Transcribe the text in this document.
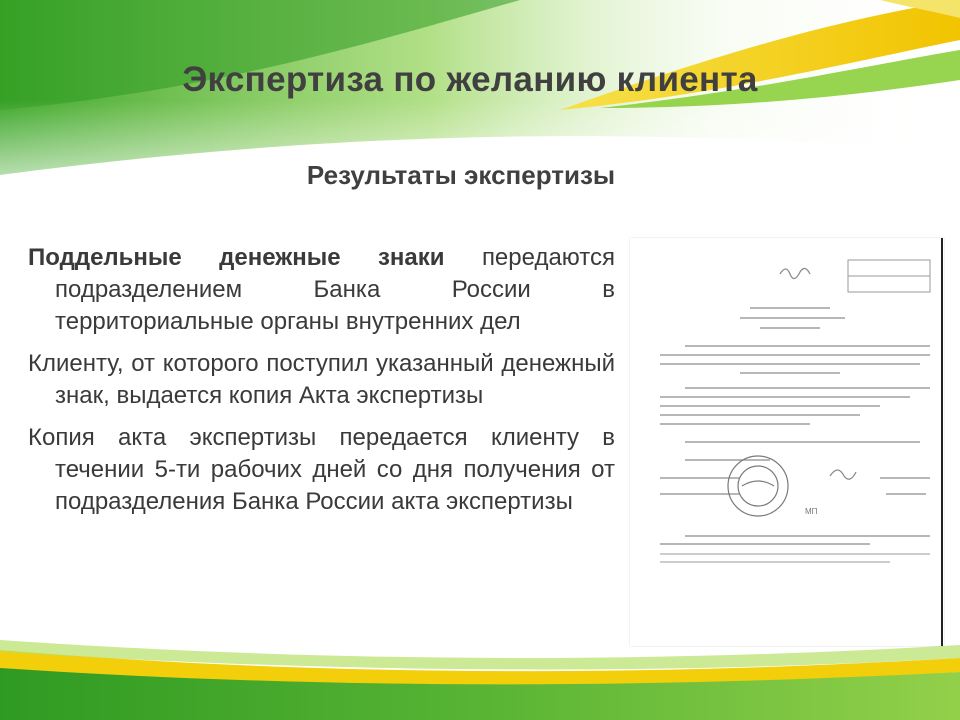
Экспертиза по желанию клиента
Результаты экспертизы

Поддельные денежные знаки передаются подразделением Банка России в территориальные органы внутренних дел

Клиенту, от которого поступил указанный денежный знак, выдается копия Акта экспертизы

Копия акта экспертизы передается клиенту в течении 5-ти рабочих дней со дня получения от подразделения Банка России акта экспертизы	МП
